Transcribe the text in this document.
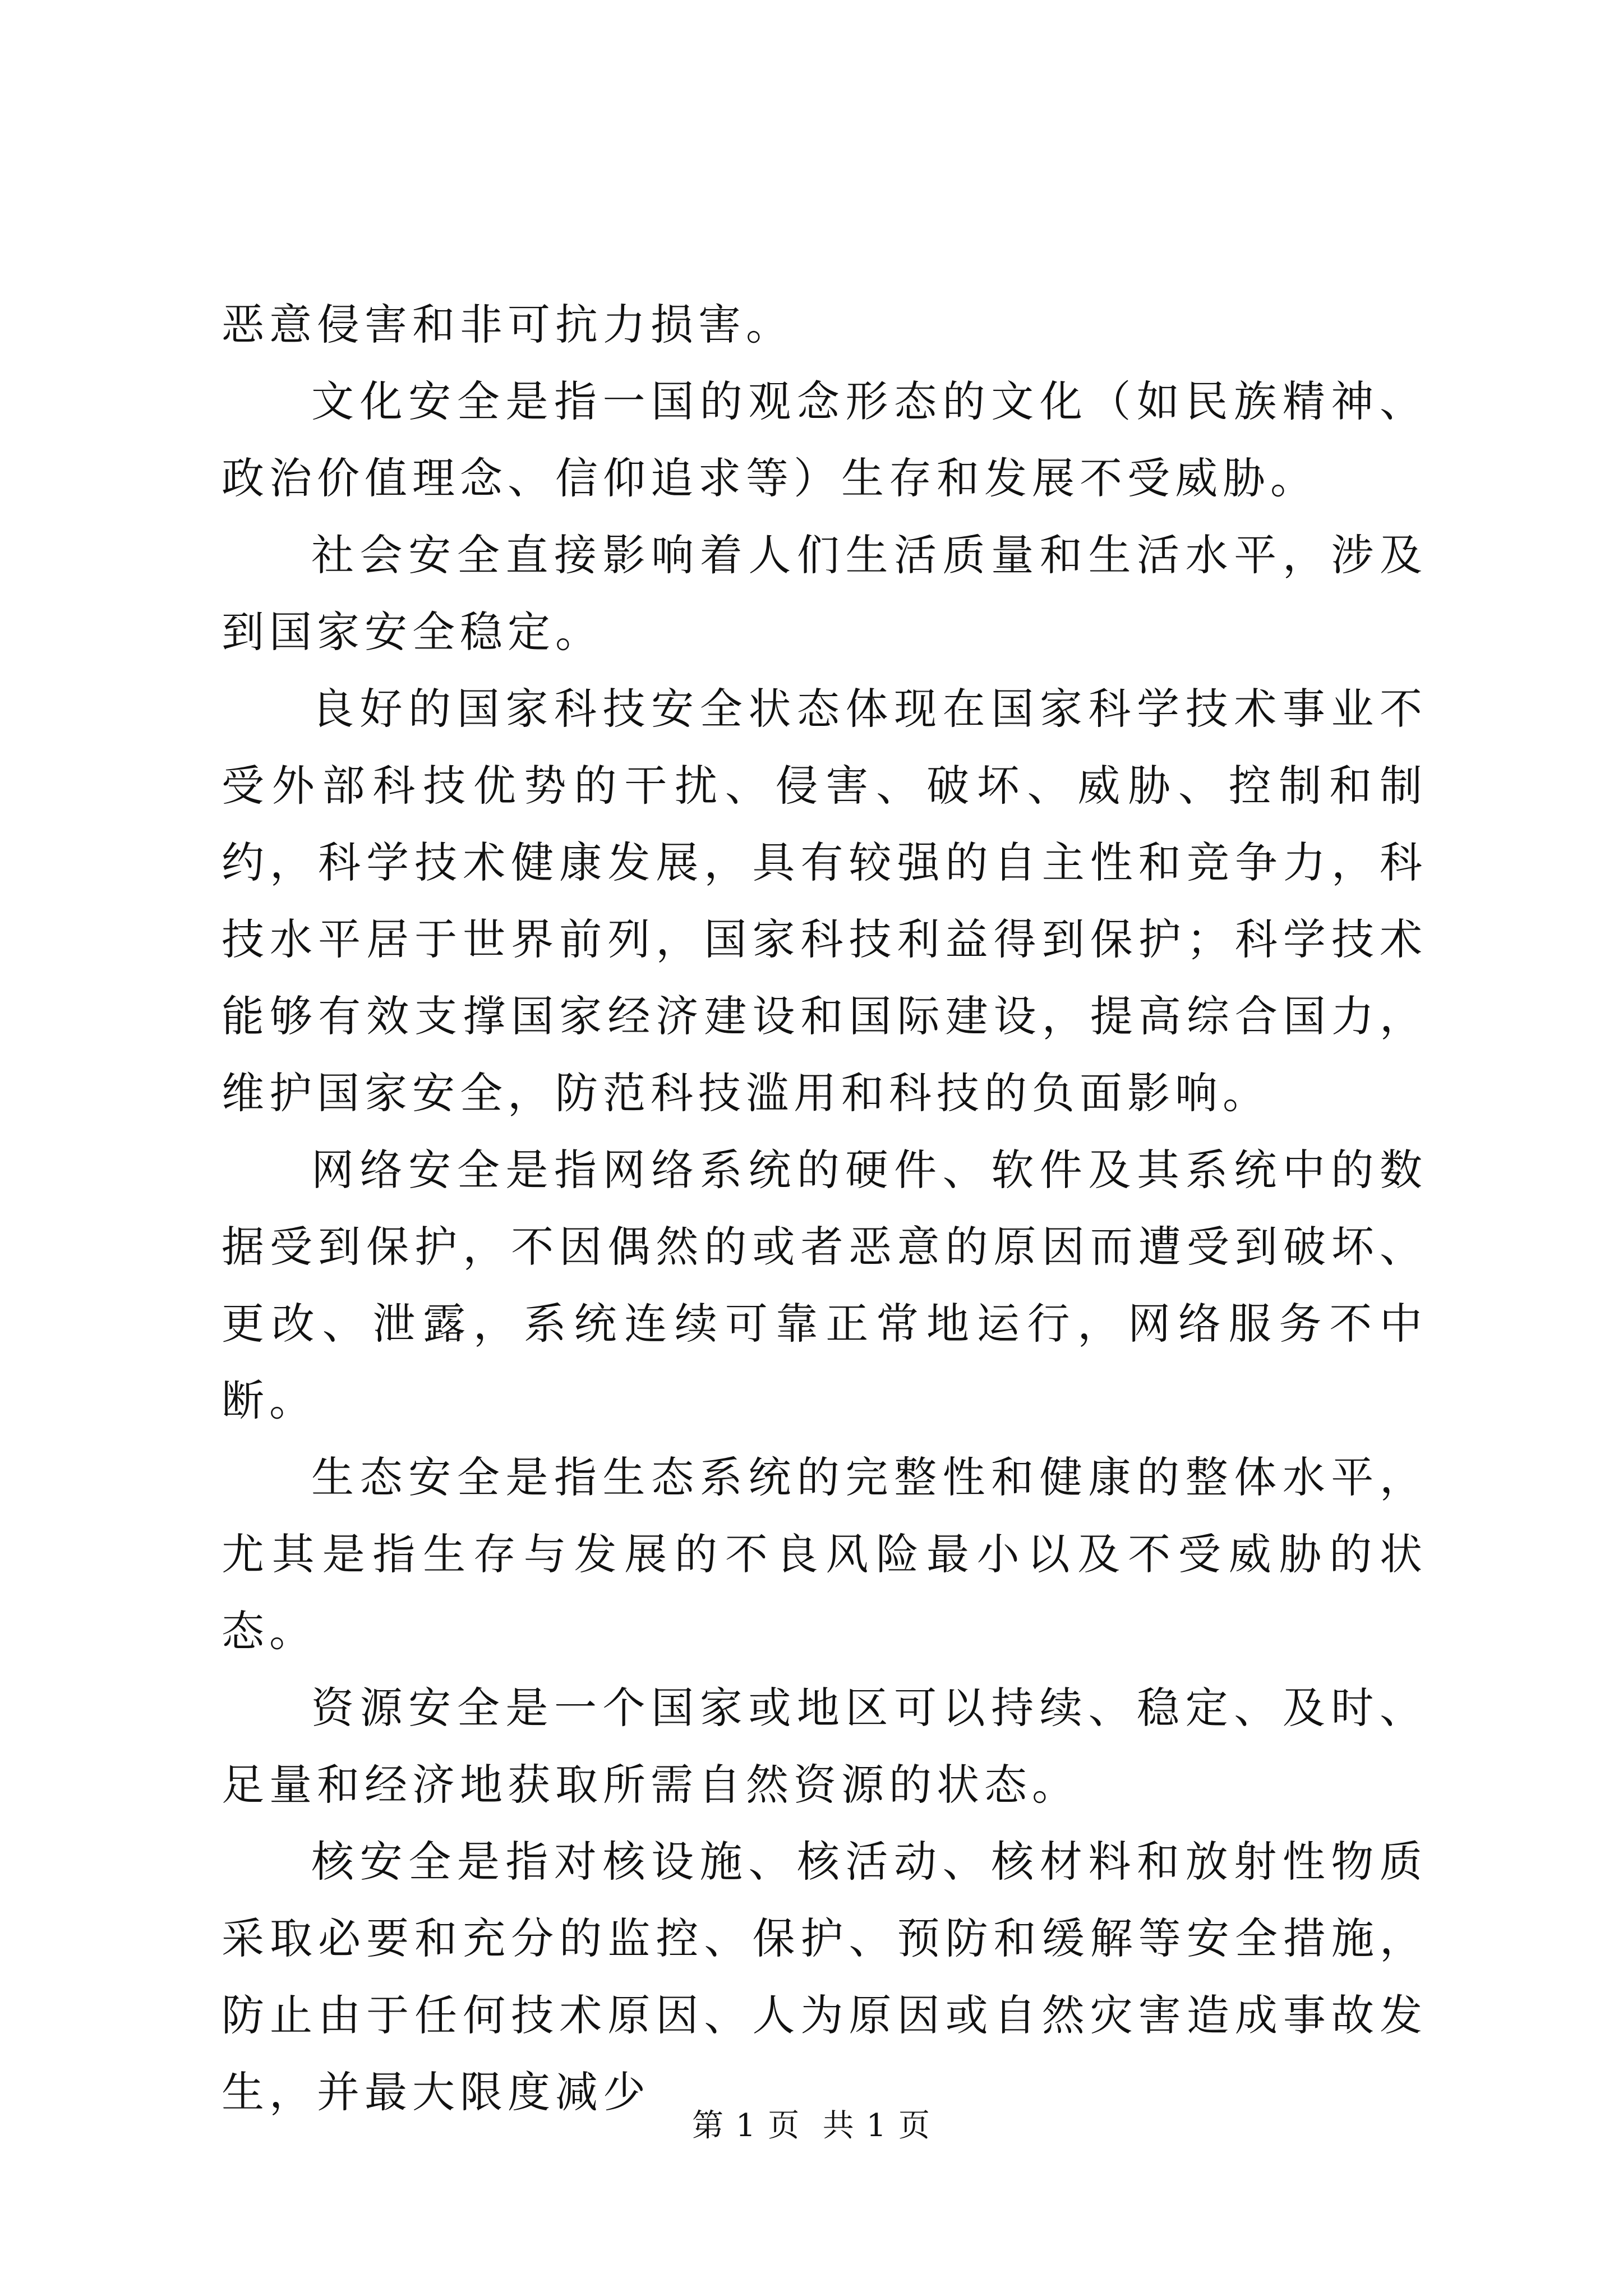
恶意侵害和非可抗力损害。

文化安全是指一国的观念形态的文化（如民族精神、政治价值理念、信仰追求等）生存和发展不受威胁。

社会安全直接影响着人们生活质量和生活水平，涉及到国家安全稳定。

良好的国家科技安全状态体现在国家科学技术事业不受外部科技优势的干扰、侵害、破坏、威胁、控制和制约，科学技术健康发展，具有较强的自主性和竞争力，科技水平居于世界前列，国家科技利益得到保护；科学技术能够有效支撑国家经济建设和国际建设，提高综合国力，维护国家安全，防范科技滥用和科技的负面影响。

网络安全是指网络系统的硬件、软件及其系统中的数据受到保护，不因偶然的或者恶意的原因而遭受到破坏、更改、泄露，系统连续可靠正常地运行，网络服务不中断。

生态安全是指生态系统的完整性和健康的整体水平，尤其是指生存与发展的不良风险最小以及不受威胁的状态。

资源安全是一个国家或地区可以持续、稳定、及时、足量和经济地获取所需自然资源的状态。

核安全是指对核设施、核活动、核材料和放射性物质采取必要和充分的监控、保护、预防和缓解等安全措施，防止由于任何技术原因、人为原因或自然灾害造成事故发生，并最大限度减少

第 1 页  共 1 页
